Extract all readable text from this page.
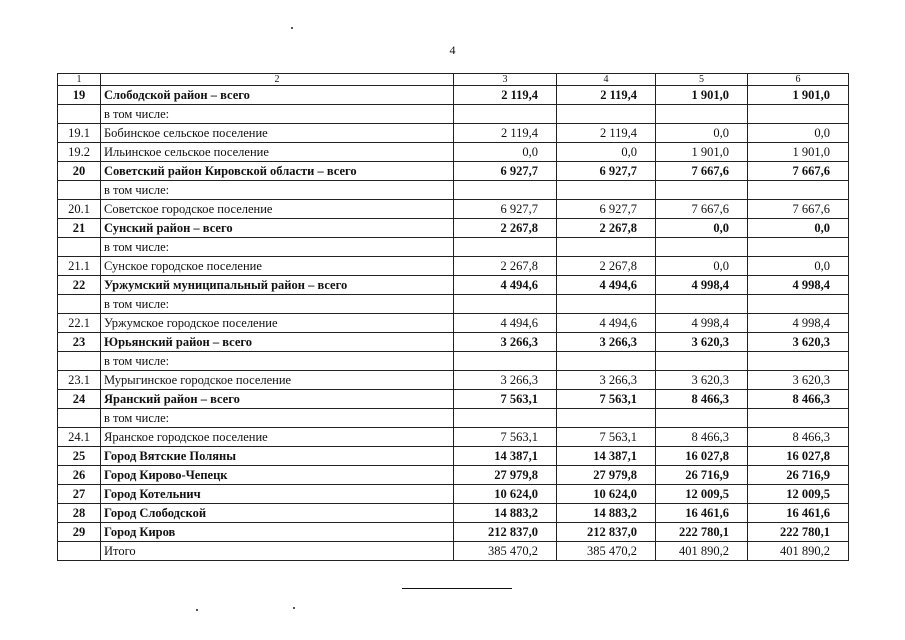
4
1	2	3	4	5	6
19	Слободской район – всего	2 119,4	2 119,4	1 901,0	1 901,0
	в том числе:				
19.1	Бобинское сельское поселение	2 119,4	2 119,4	0,0	0,0
19.2	Ильинское сельское поселение	0,0	0,0	1 901,0	1 901,0
20	Советский район Кировской области – всего	6 927,7	6 927,7	7 667,6	7 667,6
	в том числе:				
20.1	Советское городское поселение	6 927,7	6 927,7	7 667,6	7 667,6
21	Сунский район – всего	2 267,8	2 267,8	0,0	0,0
	в том числе:				
21.1	Сунское городское поселение	2 267,8	2 267,8	0,0	0,0
22	Уржумский муниципальный район – всего	4 494,6	4 494,6	4 998,4	4 998,4
	в том числе:				
22.1	Уржумское городское поселение	4 494,6	4 494,6	4 998,4	4 998,4
23	Юрьянский район – всего	3 266,3	3 266,3	3 620,3	3 620,3
	в том числе:				
23.1	Мурыгинское городское поселение	3 266,3	3 266,3	3 620,3	3 620,3
24	Яранский район – всего	7 563,1	7 563,1	8 466,3	8 466,3
	в том числе:				
24.1	Яранское городское поселение	7 563,1	7 563,1	8 466,3	8 466,3
25	Город Вятские Поляны	14 387,1	14 387,1	16 027,8	16 027,8
26	Город Кирово-Чепецк	27 979,8	27 979,8	26 716,9	26 716,9
27	Город Котельнич	10 624,0	10 624,0	12 009,5	12 009,5
28	Город Слободской	14 883,2	14 883,2	16 461,6	16 461,6
29	Город Киров	212 837,0	212 837,0	222 780,1	222 780,1
	Итого	385 470,2	385 470,2	401 890,2	401 890,2
